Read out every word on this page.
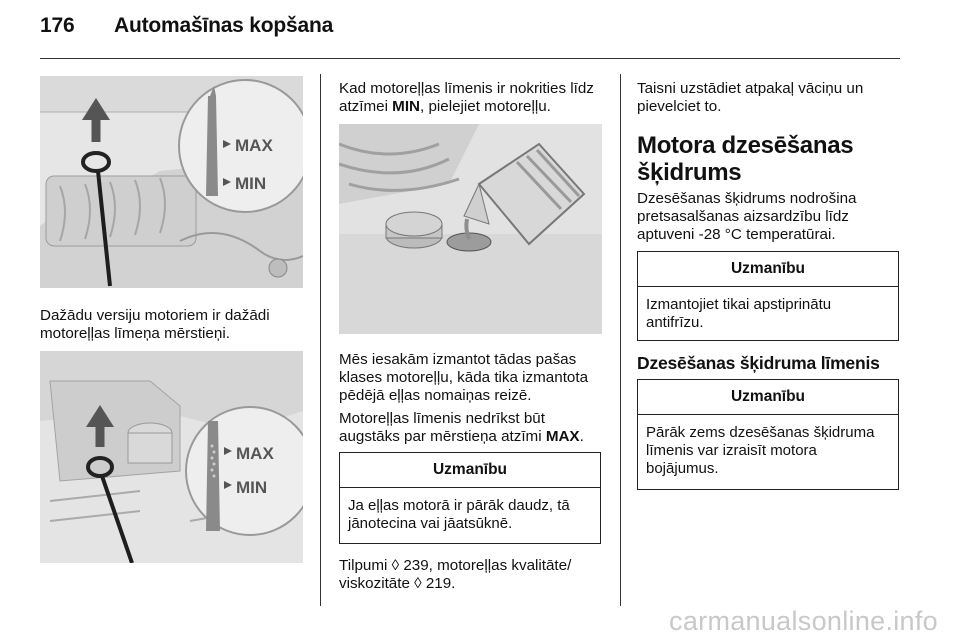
176 Automašīnas kopšana
MAX
MIN

Dažādu versiju motoriem ir dažādi

motoreļļas līmeņa mērstieņi.

MAX
MIN

Kad motoreļļas līmenis ir nokrities līdz

atzīmei MIN, pielejiet motoreļļu.

Mēs iesakām izmantot tādas pašas

klases motoreļļu, kāda tika izmantota

pēdējā eļļas nomaiņas reizē.

Motoreļļas līmenis nedrīkst būt

augstāks par mērstieņa atzīmi MAX.

Uzmanību
Ja eļļas motorā ir pārāk daudz, tā
jānotecina vai jāatsūknē.

Tilpumi ◊ 239, motoreļļas kvalitāte/

viskozitāte ◊ 219.

Taisni uzstādiet atpakaļ vāciņu un

pievelciet to.

Motora dzesēšanas
šķidrums

Dzesēšanas šķidrums nodrošina

pretsasalšanas aizsardzību līdz

aptuveni -28 °C temperatūrai.

Uzmanību
Izmantojiet tikai apstiprinātu
antifrīzu.
Dzesēšanas šķidruma līmenis
Uzmanību
Pārāk zems dzesēšanas šķidruma
līmenis var izraisīt motora
bojājumus.
carmanualsonline.info
